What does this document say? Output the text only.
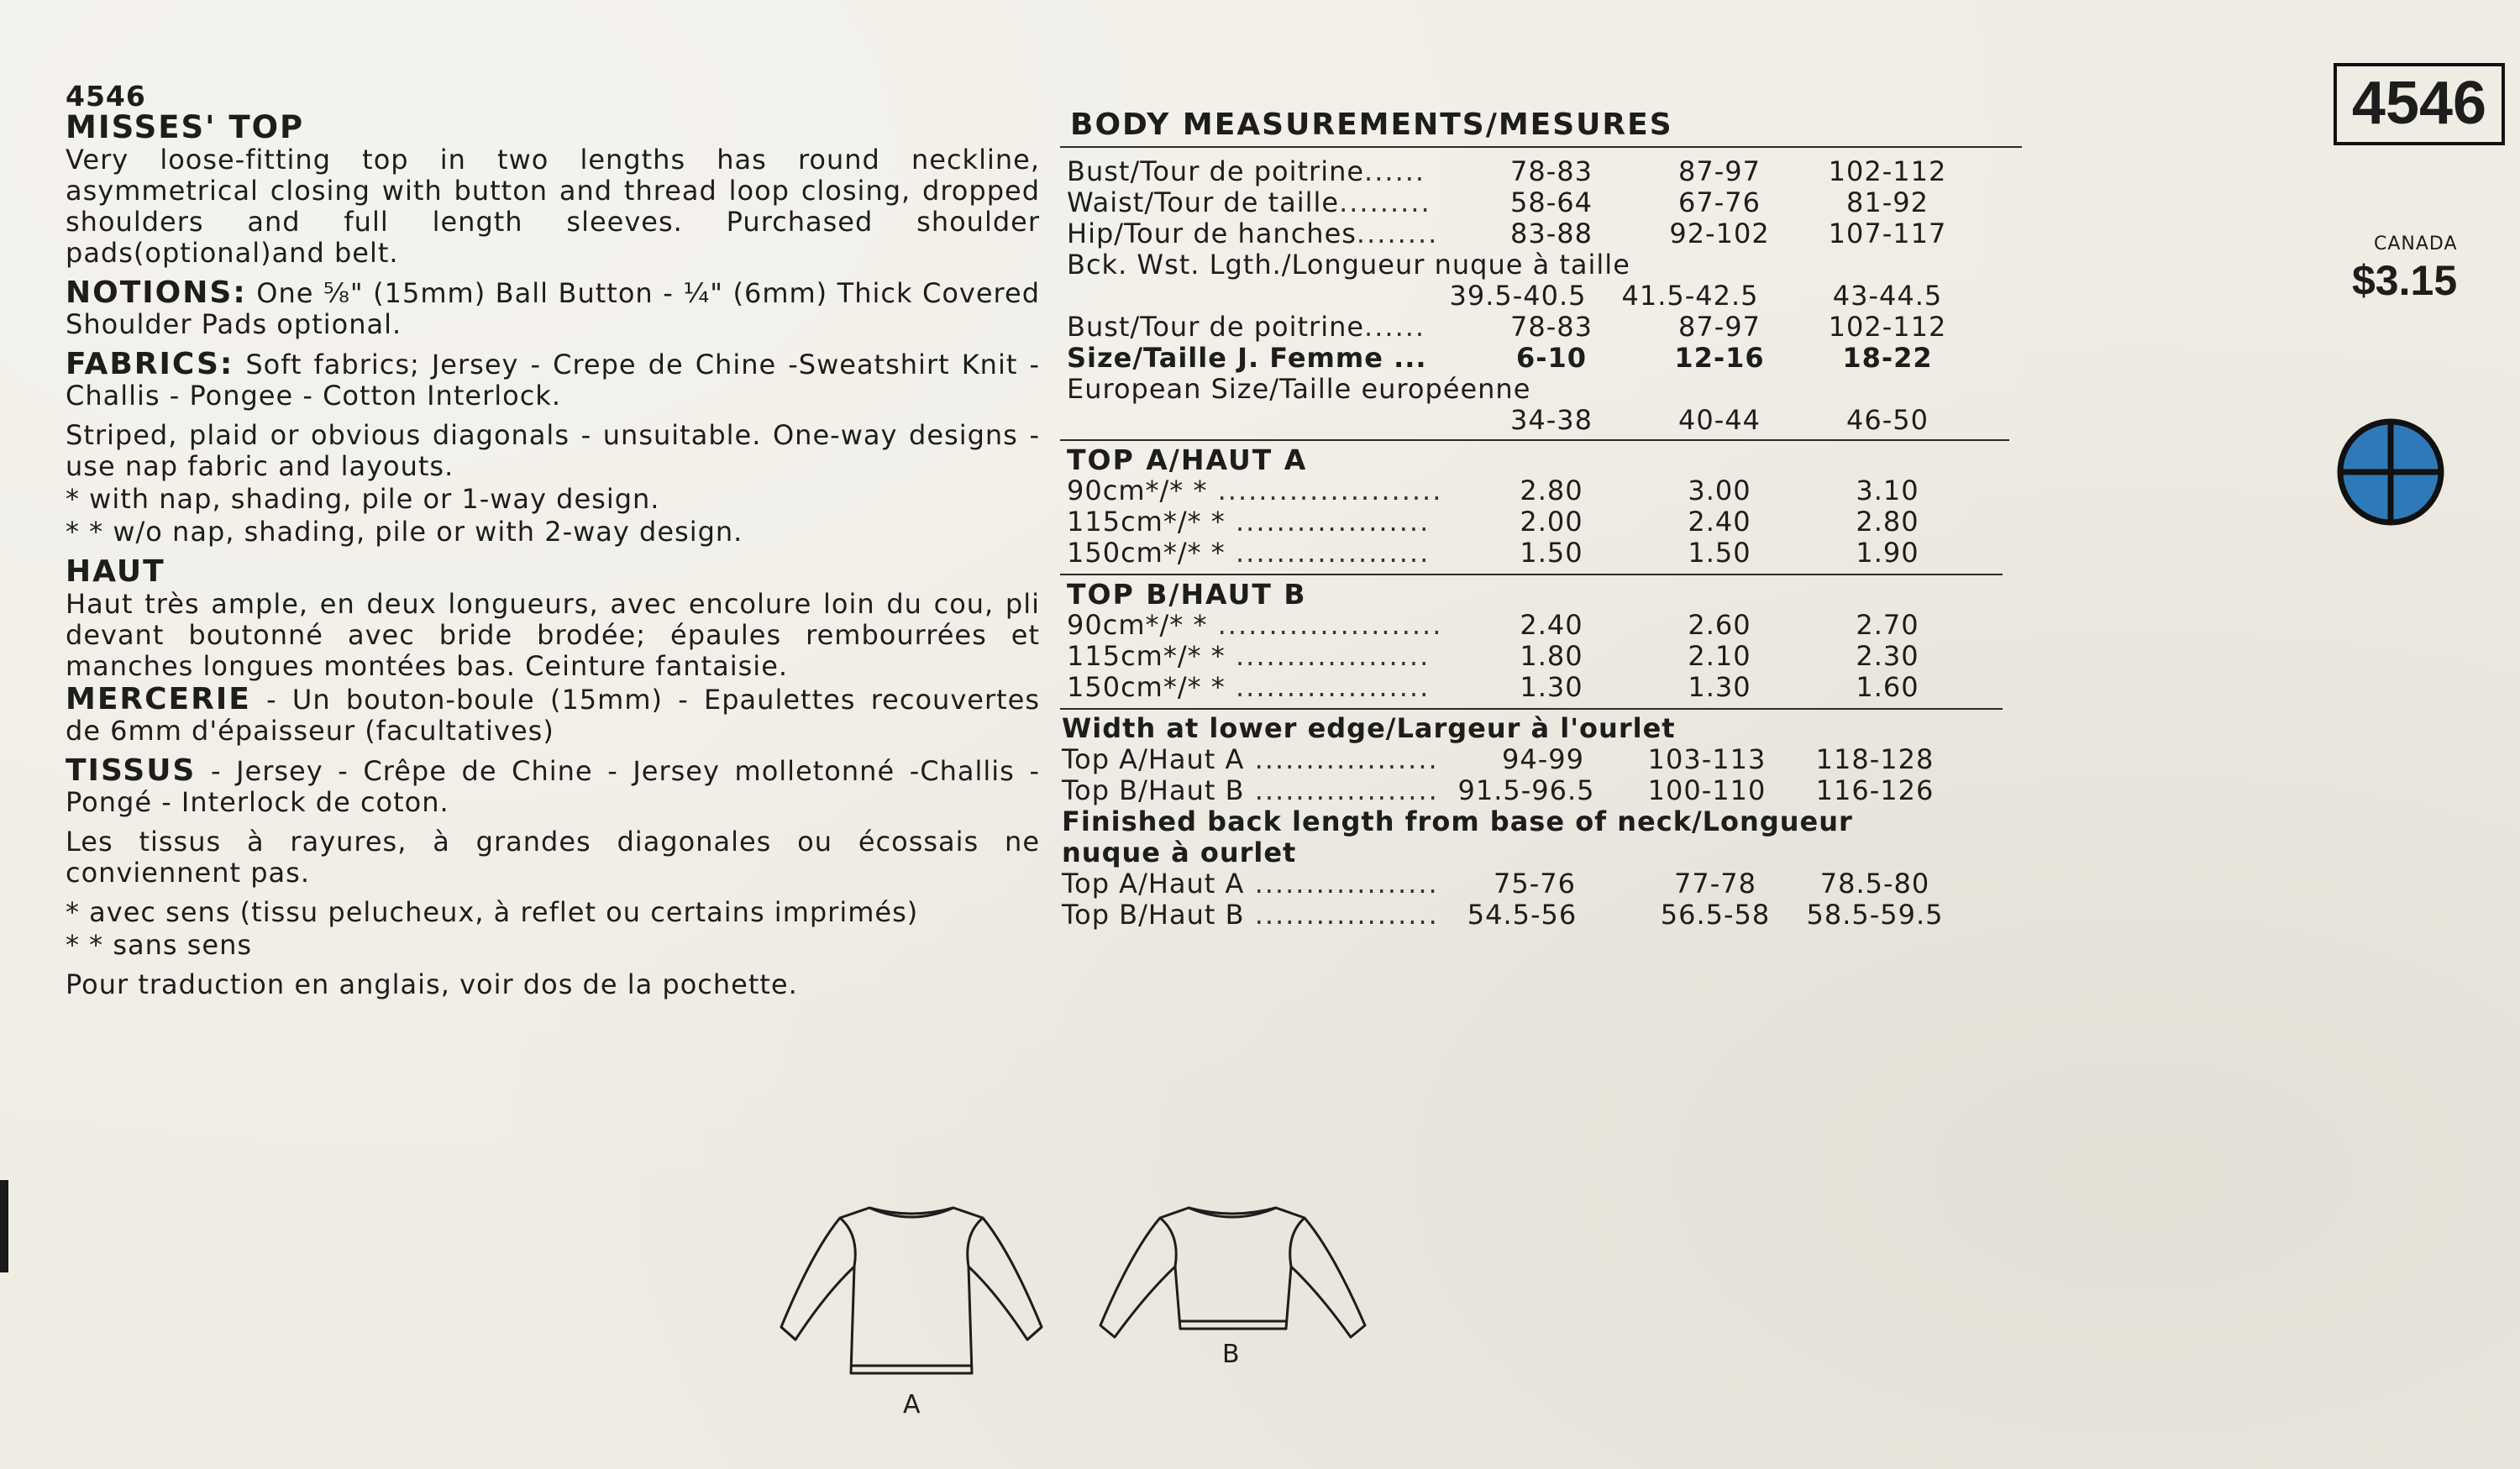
4546
MISSES' TOP

Very loose-fitting top in two lengths has round neckline, asymmetrical closing with button and thread loop closing, dropped shoulders and full length sleeves. Purchased shoulder pads(optional)and belt.

NOTIONS: One ⅝" (15mm) Ball Button - ¼" (6mm) Thick Covered Shoulder Pads optional.

FABRICS: Soft fabrics; Jersey - Crepe de Chine -Sweatshirt Knit - Challis - Pongee - Cotton Interlock.

Striped, plaid or obvious diagonals - unsuitable. One-way designs - use nap fabric and layouts.

* with nap, shading, pile or 1-way design.

* * w/o nap, shading, pile or with 2-way design.

HAUT

Haut très ample, en deux longueurs, avec encolure loin du cou, pli devant boutonné avec bride brodée; épaules rembourrées et manches longues montées bas. Ceinture fantaisie.

MERCERIE - Un bouton-boule (15mm) - Epaulettes recouvertes de 6mm d'épaisseur (facultatives)

TISSUS - Jersey - Crêpe de Chine - Jersey molletonné -Challis - Pongé - Interlock de coton.

Les tissus à rayures, à grandes diagonales ou écossais ne conviennent pas.

* avec sens (tissu pelucheux, à reflet ou certains imprimés)

* * sans sens

Pour traduction en anglais, voir dos de la pochette.

BODY MEASUREMENTS/MESURES
Bust/Tour de poitrine......	78-83	87-97	102-112
Waist/Tour de taille.........	58-64	67-76	81-92
Hip/Tour de hanches........	83-88	92-102	107-117
Bck. Wst. Lgth./Longueur nuque à taille
39.5-40.5	41.5-42.5	43-44.5
Bust/Tour de poitrine......	78-83	87-97	102-112
Size/Taille J. Femme ...	6-10	12-16	18-22
European Size/Taille européenne
34-38	40-44	46-50
TOP A/HAUT A
90cm*/* * ......................	2.80	3.00	3.10
115cm*/* * ...................	2.00	2.40	2.80
150cm*/* * ...................	1.50	1.50	1.90
TOP B/HAUT B
90cm*/* * ......................	2.40	2.60	2.70
115cm*/* * ...................	1.80	2.10	2.30
150cm*/* * ...................	1.30	1.30	1.60
Width at lower edge/Largeur à l'ourlet
Top A/Haut A ..................	94-99	103-113	118-128
Top B/Haut B .................. 91.5-96.5	100-110	116-126
Finished back length from base of neck/Longueur
nuque à ourlet
Top A/Haut A ..................	75-76	77-78	78.5-80
Top B/Haut B ..................	54.5-56	56.5-58	58.5-59.5
4546
CANADA
$3.15
A
B
